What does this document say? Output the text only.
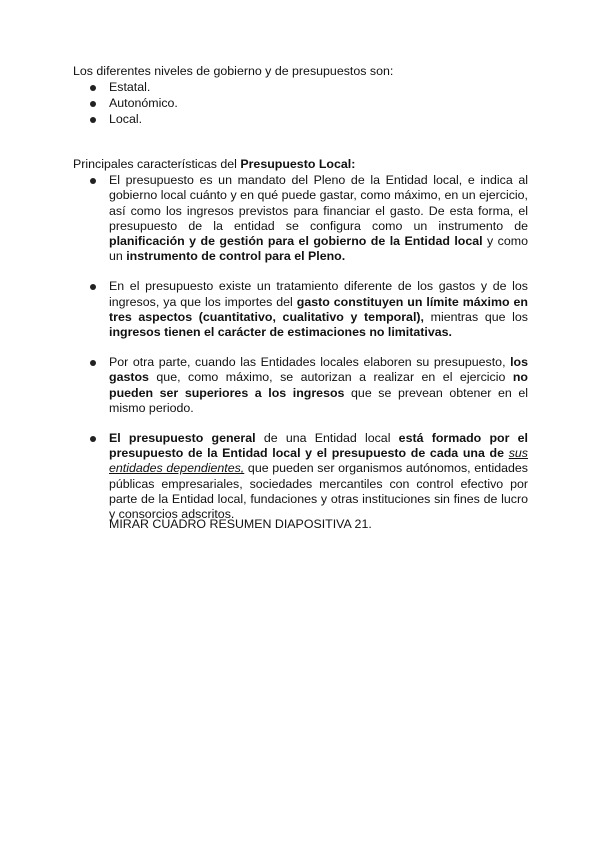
Los diferentes niveles de gobierno y de presupuestos son:
Estatal.
Autonómico.
Local.
Principales características del Presupuesto Local:
El presupuesto es un mandato del Pleno de la Entidad local, e indica al gobierno local cuánto y en qué puede gastar, como máximo, en un ejercicio, así como los ingresos previstos para financiar el gasto. De esta forma, el presupuesto de la entidad se configura como un instrumento de planificación y de gestión para el gobierno de la Entidad local y como un instrumento de control para el Pleno.
En el presupuesto existe un tratamiento diferente de los gastos y de los ingresos, ya que los importes del gasto constituyen un límite máximo en tres aspectos (cuantitativo, cualitativo y temporal), mientras que los ingresos tienen el carácter de estimaciones no limitativas.
Por otra parte, cuando las Entidades locales elaboren su presupuesto, los gastos que, como máximo, se autorizan a realizar en el ejercicio no pueden ser superiores a los ingresos que se prevean obtener en el mismo periodo.
El presupuesto general de una Entidad local está formado por el presupuesto de la Entidad local y el presupuesto de cada una de sus entidades dependientes, que pueden ser organismos autónomos, entidades públicas empresariales, sociedades mercantiles con control efectivo por parte de la Entidad local, fundaciones y otras instituciones sin fines de lucro y consorcios adscritos.
MIRAR CUADRO RESUMEN DIAPOSITIVA 21.
